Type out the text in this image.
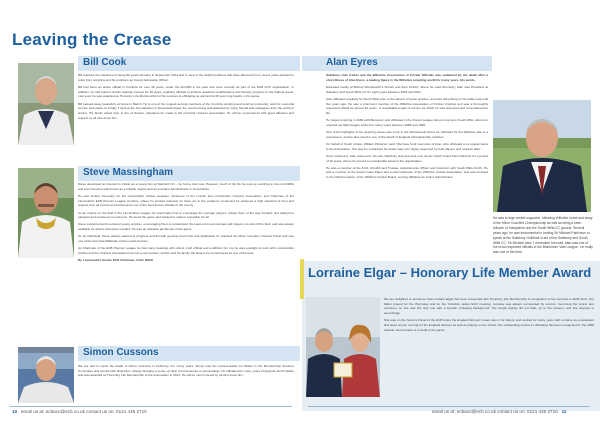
Leaving the Crease
Bill Cook

Bill reached the milestone of being 80 years old early in September 2013 and in view of the health problems that have affected him in recent years decided to retire from umpiring and his positions as County Education Officer.

Bill had been an active official in Cumbria for over 40 years, under the ACUMS in the past and more recently as part of the ECB ACO organisation. In addition, he had tutored umpire training courses for 30 years, enabling officials to achieve academic qualifications and thereby progress to the highest levels. Last year, he was awarded an Honorary Life Membership for his services to officiating as well as his 60 year long loyalty to the game.

Bill passed away peacefully at home in March. He is one of the longest-serving members of the Cumbria umpiring and scoring community, and his memorial service took place on Friday 7 April at the Crematorium in Dovenside Road, the service being well attended by many friends and colleagues from the world of cricket. His family asked that, in lieu of flowers, donations be made to the Cumbria Umpires Association. He will be remembered with great affection and respect by all who knew him.

Steve Massingham

Steve developed an interest in cricket as a young boy at Stanford CC - my home club now. However, much of his life he took up umpiring in the mid-1980s and soon became well known as a reliable umpire and an excellent administrator in Lincolnshire.

He was Fixture Secretary for the Lincolnshire Cricket Leagues, Chairman of the Lincoln and Lincolnshire Umpires Association, and Chairman of the Lincolnshire ECB Premier League Umpires, where he worked tirelessly for them all. In the positions mentioned he achieved a high standard of trust and respect from all concerned and became one of the best-known officials in the county.

As an umpire on the field in the Lincolnshire League he would take time to encourage the younger players, advise them of the way forward, and always be pleasant and courteous to everyone. He loved the game and wanted to make it enjoyable for all.

Steve supported and mentored young umpires, encouraging them to understand the Laws and communicate with players on and off the field, and was always available for advice whenever needed. He was an absolute gentleman of the game.

As an individual, Steve always wanted to progress and through genuine hard work and application he reached the Minor Counties Umpires Panel and was one of the best that Midlands cricket could produce.

As Chairman of the ECB Premier League he had many dealings with others, both official and unofficial. For me he was a delight to work with. Lincolnshire Cricket and the Umpires Association has lost a real servant, and he and his family will always be remembered as one of the best.

By Lincolnshire former ECB Chairman, Colin White

Simon Cussons

We are sad to report the death of Simon Cussons in February. For many years, Simon was the representative for Wales in the Membership Services Committee and served with distinction, always bringing a sense of clear commonsense to proceedings. He officiated for many years throughout North Wales and was awarded an Honorary Life Membership of the Association in 2014. He will be much missed by all who knew him.

10 email us at: ecbaco@ecb.co.uk contact us on: 0121 446 2710
Alan Eyres

Salisbury club cricket and the Wiltshire Association of Cricket Officials was saddened by the death after a short illness of Alan Eyres, a leading figure in the Wiltshire umpiring world for many years. His words.

Educated locally at Bishop Wordsworth's School and then Oxford, where he read chemistry, Alan was President at Salisbury and South Wilts CC for eight years between 2004 and 2011.

Alan officiated regularly for South Wilts prior to the advent of panel umpires, and was still putting on his white coat until five years ago. He was a prominent member of the Wiltshire Association of Cricket Umpires and was a thoroughly respected official for almost 40 years - a remarkable length of service for which he was honoured and remembered for life.

He began umpiring in 1969 with Bemerton and officiated in the Dorset League before moving to South Wilts, where he umpired top flight league cricket for many years between 1986 and 1995.

One of the highlights of his umpiring career was a trip to the Netherlands where he officiated for the Wiltshire side in a tournament, and he also stood in one of the South of England Championship matches.

On behalf of South cricket, William Pinkerton said: 'We have fond memories of Alan, who officiated on a regular basis in the Association. The way he conducted his duties was very highly respected by both players and umpires alike.'

Upon retirement, Alan returned to his own Salisbury club and took over as the South Coast Panel Director for a period of 16 years, where he proved a considerable asset to the organisation.

He was a member of the ACO, ACU&S and Trustee, Appointments Officer and Instructor with South Wilts ACUS. He was a member of the South Coast Panel and a past Chairman of the Wiltshire Cricket Association, and was involved in the initial formation of the Wiltshire Cricket Board, serving Wiltshire as Junior Administrator.

He was a huge cricket supporter, following Wiltshire home and away in the Minor Counties Championship as well as being a keen follower of Hampshire and the South Wilts CC ground. Several years ago, he was instrumental in inviting Sir Michael Parkinson to speak at the Salisbury Guildhall in aid of the Salisbury and South Wilts CC. Sir Michael said: 'I remember him well, Alan was one of the most respected officials in the Blackmore Vale League - he really was one of the best.'
Lorraine Elgar – Honorary Life Member Award

We are delighted to announce that Lorraine Elgar has been presented with Honorary Life Membership in recognition of her services to ECB ACO. Her father played for the Wynnstay and for the Yorkshire ladies ECC meeting. Lorraine was always surrounded by scorers, becoming the scorer and volunteer, so she was the only one with a specific cricketing background. Her simple dignity did not fade, up to the present, and she stepped in accordingly.

She was on the Scorers Panel of the ECB when the England Women's team was in its infancy and worked for many years with Lorraine as a dedicated first-class scorer, scoring for the England Women as well as playing on the circuit. Her outstanding service to officiating has been recognised in the 2008 awards, and Lorraine is a credit to the game.

email us at: ecbaco@ecb.co.uk contact us on: 0121 446 2710 11
